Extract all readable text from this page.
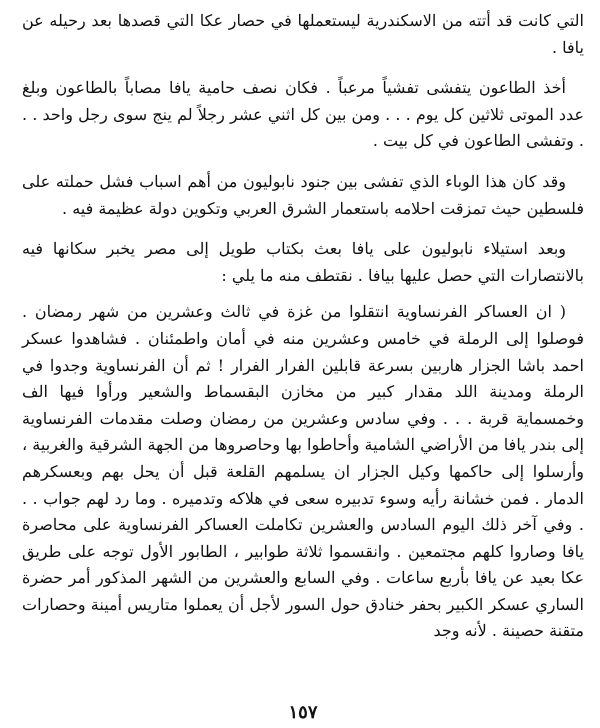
التي كانت قد أتته من الاسكندرية ليستعملها في حصار عكا التي قصدها بعد رحيله عن يافا .

أخذ الطاعون يتفشى تفشياً مرعباً . فكان نصف حامية يافا مصاباً بالطاعون وبلغ عدد الموتى ثلاثين كل يوم . . . ومن بين كل اثني عشر رجلاً لم ينج سوى رجل واحد . . . وتفشى الطاعون في كل بيت .

وقد كان هذا الوباء الذي تفشى بين جنود نابوليون من أهم اسباب فشل حملته على فلسطين حيث تمزقت احلامه باستعمار الشرق العربي وتكوين دولة عظيمة فيه .

وبعد استيلاء نابوليون على يافا بعث بكتاب طويل إلى مصر يخبر سكانها فيه بالانتصارات التي حصل عليها بيافا . نقتطف منه ما يلي :

( ان العساكر الفرنساوية انتقلوا من غزة في ثالث وعشرين من شهر رمضان . فوصلوا إلى الرملة في خامس وعشرين منه في أمان واطمئنان . فشاهدوا عسكر احمد باشا الجزار هاربين بسرعة قابلين الفرار الفرار ! ثم أن الفرنساوية وجدوا في الرملة ومدينة اللد مقدار كبير من مخازن البقسماط والشعير ورأوا فيها الف وخمسماية قربة . . . وفي سادس وعشرين من رمضان وصلت مقدمات الفرنساوية إلى بندر يافا من الأراضي الشامية وأحاطوا بها وحاصروها من الجهة الشرقية والغربية ، وأرسلوا إلى حاكمها وكيل الجزار ان يسلمهم القلعة قبل أن يحل بهم وبعسكرهم الدمار . فمن خشانة رأيه وسوء تدبيره سعى في هلاكه وتدميره . وما رد لهم جواب . . . وفي آخر ذلك اليوم السادس والعشرين تكاملت العساكر الفرنساوية على محاصرة يافا وصاروا كلهم مجتمعين . وانقسموا ثلاثة طوابير ، الطابور الأول توجه على طريق عكا بعيد عن يافا بأربع ساعات . وفي السابع والعشرين من الشهر المذكور أمر حضرة الساري عسكر الكبير بحفر خنادق حول السور لأجل أن يعملوا متاريس أمينة وحصارات متقنة حصينة . لأنه وجد

١٥٧
